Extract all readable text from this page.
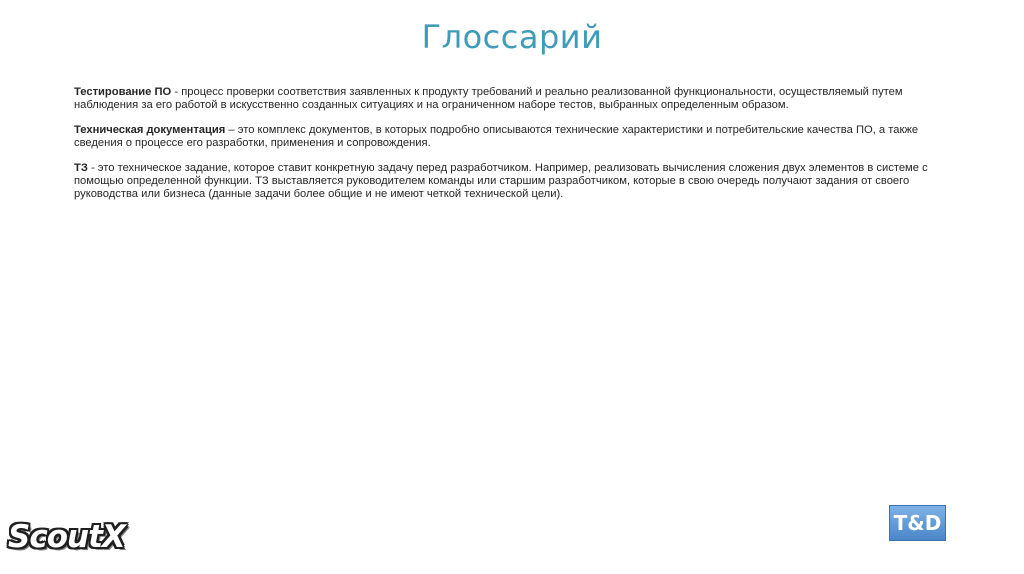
Глоссарий

Тестирование ПО - процесс проверки соответствия заявленных к продукту требований и реально реализованной функциональности, осуществляемый путем наблюдения за его работой в искусственно созданных ситуациях и на ограниченном наборе тестов, выбранных определенным образом.

Техническая документация – это комплекс документов, в которых подробно описываются технические характеристики и потребительские качества ПО, а также сведения о процессе его разработки, применения и сопровождения.

ТЗ - это техническое задание, которое ставит конкретную задачу перед разработчиком. Например, реализовать вычисления сложения двух элементов в системе с помощью определенной функции. ТЗ выставляется руководителем команды или старшим разработчиком, которые в свою очередь получают задания от своего руководства или бизнеса (данные задачи более общие и не имеют четкой технической цели).

ScoutX	T&D
